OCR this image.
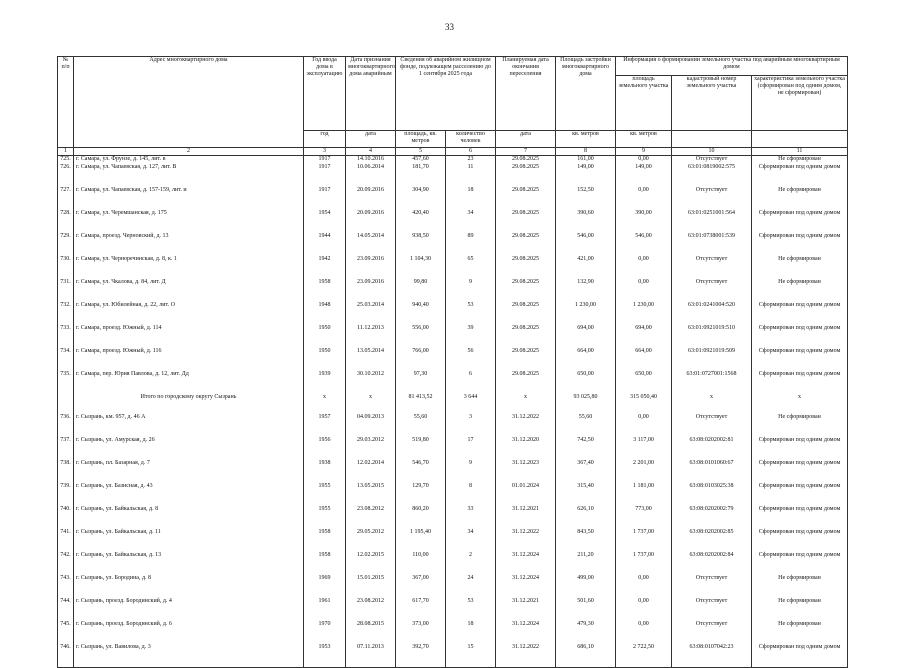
33
№ п/п	Адрес многоквартирного дома	Год ввода дома в эксплуатацию	Дата признания многоквартирного дома аварийным	Сведения об аварийном жилищном фонде, подлежащем расселению до 1 сентября 2025 года		Планируемая дата окончания переселения	Площадь застройки многоквартирного дома	Информация о формировании земельного участка под аварийным многоквартирным домом		
								площадь земельного участка	кадастровый номер земельного участка	характеристика земельного участка (сформирован под одним домом, не сформирован)
		год	дата	площадь, кв. метров	количество человек	дата	кв. метров	кв. метров		
1	2	3	4	5	6	7	8	9	10	11
725.	г. Самара, ул. Фрунзе, д. 145, лит. в	1917	14.10.2016	457,60	23	29.08.2025	161,00	0,00	Отсутствует	Не сформирован
726.	г. Самара, ул. Чапаевская, д. 127, лит. В	1917	10.06.2014	181,70	11	29.08.2025	149,00	149,00	63:01:0819002:575	Сформирован под одним домом
727.	г. Самара, ул. Чапаевская, д. 157-159, лит. и	1917	20.09.2016	304,90	18	29.08.2025	152,50	0,00	Отсутствует	Не сформирован
728.	г. Самара, ул. Черемшанская, д. 175	1954	20.09.2016	420,40	34	29.08.2025	390,60	390,00	63:01:0251001:564	Сформирован под одним домом
729.	г. Самара, проезд. Черновский, д. 13	1944	14.05.2014	938,50	89	29.08.2025	546,00	546,00	63:01:0738001:539	Сформирован под одним домом
730.	г. Самара, ул. Черноречинская, д. 8, к. 1	1942	23.09.2016	1 104,30	65	29.08.2025	421,00	0,00	Отсутствует	Не сформирован
731.	г. Самара, ул. Чкалова, д. 84, лит. Д	1958	23.09.2016	99,80	9	29.08.2025	132,90	0,00	Отсутствует	Не сформирован
732.	г. Самара, ул. Юбилейная, д. 22, лит. О	1948	25.03.2014	940,40	53	29.08.2025	1 230,00	1 230,00	63:01:0241004:520	Сформирован под одним домом
733.	г. Самара, проезд. Южный, д. 114	1950	11.12.2013	556,00	39	29.08.2025	694,00	694,00	63:01:0921019:510	Сформирован под одним домом
734.	г. Самара, проезд. Южный, д. 116	1950	13.05.2014	766,00	56	29.08.2025	664,00	664,00	63:01:0921019:509	Сформирован под одним домом
735.	г. Самара, пер. Юрия Павлова, д. 12, лит. Дд	1939	30.10.2012	97,30	6	29.08.2025	650,00	650,00	63:01:0727001:1568	Сформирован под одним домом
	Итого по городскому округу Сызрань	x	x	81 413,52	3 644	x	93 025,80	315 050,40	x	x
736.	г. Сызрань, км. 957, д. 46 А	1957	04.09.2013	55,60	3	31.12.2022	55,60	0,00	Отсутствует	Не сформирован
737.	г. Сызрань, ул. Амурская, д. 26	1956	29.03.2012	519,80	17	31.12.2020	742,50	3 117,00	63:08:0202002:81	Сформирован под одним домом
738.	г. Сызрань, пл. Базарная, д. 7	1938	12.02.2014	546,70	9	31.12.2023	367,40	2 201,00	63:08:0101060:67	Сформирован под одним домом
739.	г. Сызрань, ул. Базисная, д. 43	1955	13.05.2015	129,70	8	01.01.2024	315,40	1 181,00	63:08:0103025:38	Сформирован под одним домом
740.	г. Сызрань, ул. Байкальская, д. 8	1955	23.08.2012	860,20	33	31.12.2021	626,10	773,00	63:08:0202002:79	Сформирован под одним домом
741.	г. Сызрань, ул. Байкальская, д. 11	1958	29.05.2012	1 195,40	34	31.12.2022	843,50	1 737,00	63:08:0202002:85	Сформирован под одним домом
742.	г. Сызрань, ул. Байкальская, д. 13	1958	12.02.2015	110,00	2	31.12.2024	211,20	1 737,00	63:08:0202002:84	Сформирован под одним домом
743.	г. Сызрань, ул. Бородина, д. 8	1969	15.01.2015	367,00	24	31.12.2024	499,00	0,00	Отсутствует	Не сформирован
744.	г. Сызрань, проезд. Бородинский, д. 4	1961	23.08.2012	617,70	53	31.12.2021	501,60	0,00	Отсутствует	Не сформирован
745.	г. Сызрань, проезд. Бородинский, д. 6	1970	28.08.2015	373,00	18	31.12.2024	479,30	0,00	Отсутствует	Не сформирован
746.	г. Сызрань, ул. Вавилова, д. 3	1953	07.11.2013	392,70	15	31.12.2022	686,10	2 722,50	63:08:0107042:23	Сформирован под одним домом
